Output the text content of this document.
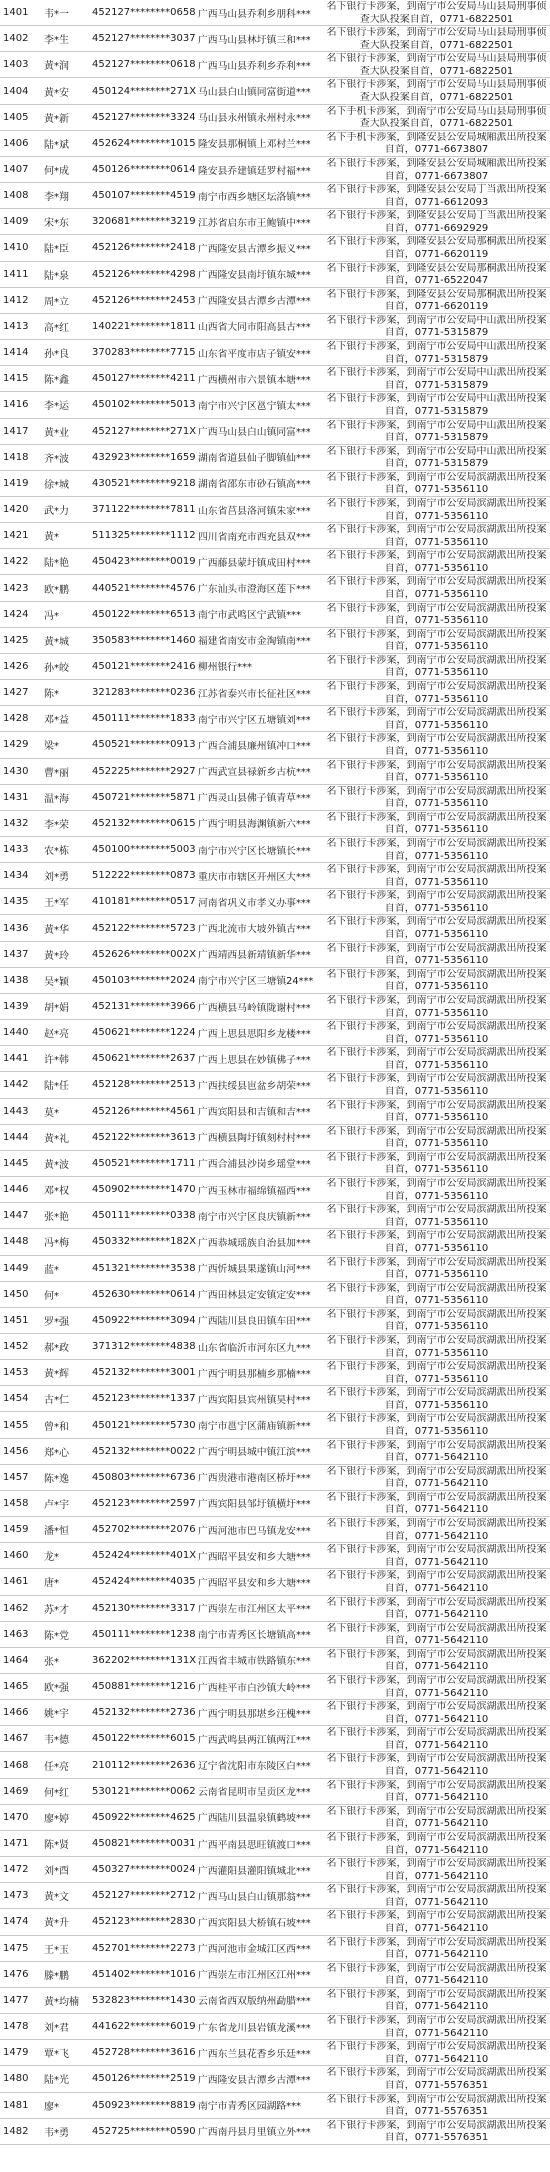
1401	韦*一	452127********0658 广西马山县乔利乡朋科***
名下银行卡涉案，到南宁市公安局马山县局刑事侦
查大队投案自首，0771-6822501
1402	李*生	452127********3037 广西马山县林圩镇三和***
名下银行卡涉案，到南宁市公安局马山县局刑事侦
查大队投案自首，0771-6822501
1403	黄*润	452127********0618 广西马山县乔利乡乔利***
名下银行卡涉案，到南宁市公安局马山县局刑事侦
查大队投案自首，0771-6822501
1404	黄*安	450124********271X 马山县白山镇同富街道***
名下银行卡涉案，到南宁市公安局马山县局刑事侦
查大队投案自首，0771-6822501
1405	黄*新	452127********3324 马山县永州镇永州村永***
名下手机卡涉案，到南宁市公安局马山县局刑事侦
查大队投案自首，0771-6822501
1406	陆*斌	452624********1015 隆安县那桐镇上邓村兰***
名下手机卡涉案，到隆安县公安局城厢派出所投案
自首，0771-6673807
1407	何*成	450126********0614 隆安县乔建镇廷罗村福***
名下银行卡涉案，到隆安县公安局城厢派出所投案
自首，0771-6673807
1408	李*翔	450107********4519 南宁市西乡塘区坛洛镇***
名下银行卡涉案，到隆安县公安局丁当派出所投案
自首，0771-6612093
1409	宋*东	320681********3219 江苏省启东市王鲍镇中***
名下银行卡涉案，到隆安县公安局丁当派出所投案
自首，0771-6692929
1410	陆*臣	452126********2418 广西隆安县古潭乡振义***
名下银行卡涉案，到隆安县公安局那桐派出所投案
自首，0771-6620119
1411	陆*泉	452126********4298 广西隆安县南圩镇东城***
名下银行卡涉案，到隆安县公安局那桐派出所投案
自首，0771-6522047
1412	周*立	452126********2453 广西隆安县古潭乡古潭***
名下银行卡涉案，到隆安县公安局那桐派出所投案
自首，0771-6620119
1413	高*红	140221********1811 山西省大同市阳高县古***
名下银行卡涉案，到南宁市公安局中山派出所投案
自首，0771-5315879
1414	孙*良	370283********7715 山东省平度市店子镇安***
名下银行卡涉案，到南宁市公安局中山派出所投案
自首，0771-5315879
1415	陈*鑫	450127********4211 广西横州市六景镇本塘***
名下银行卡涉案，到南宁市公安局中山派出所投案
自首，0771-5315879
1416	李*运	450102********5013 南宁市兴宁区邕宁镇太***
名下银行卡涉案，到南宁市公安局中山派出所投案
自首，0771-5315879
1417	黄*业	452127********271X 广西马山县白山镇同富***
名下银行卡涉案，到南宁市公安局中山派出所投案
自首，0771-5315879
1418	齐*波	432923********1659 湖南省道县仙子脚镇仙***
名下银行卡涉案，到南宁市公安局中山派出所投案
自首，0771-5315879
1419	徐*城	430521********9218 湖南省邵东市砂石镇高***
名下银行卡涉案，到南宁市公安局滨湖派出所投案
自首，0771-5356110
1420	武*力	371122********7811 山东省莒县洛河镇朱家***
名下银行卡涉案，到南宁市公安局滨湖派出所投案
自首，0771-5356110
1421	黄*	511325********1112 四川省南充市西充县双***
名下银行卡涉案，到南宁市公安局滨湖派出所投案
自首，0771-5356110
1422	陆*艳	450423********0019 广西藤县蒙圩镇成田村***
名下银行卡涉案，到南宁市公安局滨湖派出所投案
自首，0771-5356110
1423	欧*鹏	440521********4576 广东汕头市澄海区莲下***
名下银行卡涉案，到南宁市公安局滨湖派出所投案
自首，0771-5356110
1424	冯*	450122********6513 南宁市武鸣区宁武镇***
名下银行卡涉案，到南宁市公安局滨湖派出所投案
自首，0771-5356110
1425	黄*城	350583********1460 福建省南安市金淘镇南***
名下银行卡涉案，到南宁市公安局滨湖派出所投案
自首，0771-5356110
1426	孙*皎	450121********2416 柳州银行***
名下银行卡涉案，到南宁市公安局滨湖派出所投案
自首，0771-5356110
1427	陈*	321283********0236 江苏省泰兴市长征社区***
名下银行卡涉案，到南宁市公安局滨湖派出所投案
自首，0771-5356110
1428	邓*益	450111********1833 南宁市兴宁区五塘镇刘***
名下银行卡涉案，到南宁市公安局滨湖派出所投案
自首，0771-5356110
1429	梁*	450521********0913 广西合浦县廉州镇冲口***
名下银行卡涉案，到南宁市公安局滨湖派出所投案
自首，0771-5356110
1430	曹*丽	452225********2927 广西武宣县禄新乡古杭***
名下银行卡涉案，到南宁市公安局滨湖派出所投案
自首，0771-5356110
1431	温*海	450721********5871 广西灵山县佛子镇青草***
名下银行卡涉案，到南宁市公安局滨湖派出所投案
自首，0771-5356110
1432	李*荣	452132********0615 广西宁明县海渊镇新六***
名下银行卡涉案，到南宁市公安局滨湖派出所投案
自首，0771-5356110
1433	农*栋	450100********5003 南宁市兴宁区长塘镇长***
名下银行卡涉案，到南宁市公安局滨湖派出所投案
自首，0771-5356110
1434	刘*勇	512222********0873 重庆市市辖区开州区大***
名下银行卡涉案，到南宁市公安局滨湖派出所投案
自首，0771-5356110
1435	王*军	410181********0517 河南省巩义市孝义办事***
名下银行卡涉案，到南宁市公安局滨湖派出所投案
自首，0771-5356110
1436	黄*华	452122********5723 广西北流市大坡外镇古***
名下银行卡涉案，到南宁市公安局滨湖派出所投案
自首，0771-5356110
1437	黄*玲	452626********002X 广西靖西县新靖镇新华***
名下银行卡涉案，到南宁市公安局滨湖派出所投案
自首，0771-5356110
1438	吴*颖	450103********2024 南宁市兴宁区三塘镇24***
名下银行卡涉案，到南宁市公安局滨湖派出所投案
自首，0771-5356110
1439	胡*娟	452131********3966 广西横县马岭镇陇谢村***
名下银行卡涉案，到南宁市公安局滨湖派出所投案
自首，0771-5356110
1440	赵*亮	450621********1224 广西上思县思阳乡龙楼***
名下银行卡涉案，到南宁市公安局滨湖派出所投案
自首，0771-5356110
1441	许*韩	450621********2637 广西上思县在妙镇佛子***
名下银行卡涉案，到南宁市公安局滨湖派出所投案
自首，0771-5356110
1442	陆*任	452128********2513 广西扶绥县岜盆乡胡荣***
名下银行卡涉案，到南宁市公安局滨湖派出所投案
自首，0771-5356110
1443	莫*	452126********4561 广西宾阳县和吉镇和吉***
名下银行卡涉案，到南宁市公安局滨湖派出所投案
自首，0771-5356110
1444	黄*礼	452122********3613 广西横县陶圩镇刻村村***
名下银行卡涉案，到南宁市公安局滨湖派出所投案
自首，0771-5356110
1445	黄*波	450521********1711 广西合浦县沙岗乡瑶堂***
名下银行卡涉案，到南宁市公安局滨湖派出所投案
自首，0771-5356110
1446	邓*权	450902********1470 广西玉林市福绵镇福西***
名下银行卡涉案，到南宁市公安局滨湖派出所投案
自首，0771-5356110
1447	张*艳	450111********0338 南宁市兴宁区良庆镇新***
名下银行卡涉案，到南宁市公安局滨湖派出所投案
自首，0771-5356110
1448	冯*梅	450332********182X 广西恭城瑶族自治县加***
名下银行卡涉案，到南宁市公安局滨湖派出所投案
自首，0771-5356110
1449	蓝*	451321********3538 广西忻城县果遂镇山河***
名下银行卡涉案，到南宁市公安局滨湖派出所投案
自首，0771-5356110
1450	何*	452630********0614 广西田林县定安镇定安***
名下银行卡涉案，到南宁市公安局滨湖派出所投案
自首，0771-5356110
1451	罗*强	450922********3094 广西陆川县良田镇车田***
名下银行卡涉案，到南宁市公安局滨湖派出所投案
自首，0771-5356110
1452	郝*政	371312********4838 山东省临沂市河东区九***
名下银行卡涉案，到南宁市公安局滨湖派出所投案
自首，0771-5356110
1453	黄*辉	452132********3001 广西宁明县那楠乡那楠***
名下银行卡涉案，到南宁市公安局滨湖派出所投案
自首，0771-5356110
1454	古*仁	452123********1337 广西宾阳县宾州镇昊村***
名下银行卡涉案，到南宁市公安局滨湖派出所投案
自首，0771-5356110
1455	曾*和	450121********5730 南宁市邕宁区蒲庙镇新***
名下银行卡涉案，到南宁市公安局滨湖派出所投案
自首，0771-5356110
1456	郑*心	452132********0022 广西宁明县城中镇江滨***
名下银行卡涉案，到南宁市公安局滨湖派出所投案
自首，0771-5642110
1457	陈*逸	450803********6736 广西贵港市港南区桥圩***
名下银行卡涉案，到南宁市公安局滨湖派出所投案
自首，0771-5642110
1458	卢*宇	452123********2597 广西宾阳县邹圩镇横圩***
名下银行卡涉案，到南宁市公安局滨湖派出所投案
自首，0771-5642110
1459	潘*恒	452702********2076 广西河池市巴马镇龙安***
名下银行卡涉案，到南宁市公安局滨湖派出所投案
自首，0771-5642110
1460	龙*	452424********401X 广西昭平县安和乡大塘***
名下银行卡涉案，到南宁市公安局滨湖派出所投案
自首，0771-5642110
1461	唐*	452424********4035 广西昭平县安和乡大塘***
名下银行卡涉案，到南宁市公安局滨湖派出所投案
自首，0771-5642110
1462	苏*才	452130********3317 广西崇左市江州区太平***
名下银行卡涉案，到南宁市公安局滨湖派出所投案
自首，0771-5642110
1463	陈*党	450111********1238 南宁市青秀区长塘镇高***
名下银行卡涉案，到南宁市公安局滨湖派出所投案
自首，0771-5642110
1464	张*	362202********131X 江西省丰城市铁路镇东***
名下银行卡涉案，到南宁市公安局滨湖派出所投案
自首，0771-5642110
1465	欧*强	450881********1216 广西桂平市白沙镇大岭***
名下银行卡涉案，到南宁市公安局滨湖派出所投案
自首，0771-5642110
1466	姚*宇	452132********2736 广西宁明县那堪乡汪槐***
名下银行卡涉案，到南宁市公安局滨湖派出所投案
自首，0771-5642110
1467	韦*德	450122********6015 广西武鸣县两江镇两江***
名下银行卡涉案，到南宁市公安局滨湖派出所投案
自首，0771-5642110
1468	任*亮	210112********2636 辽宁省沈阳市东陵区白***
名下银行卡涉案，到南宁市公安局滨湖派出所投案
自首，0771-5642110
1469	何*红	530121********0062 云南省昆明市呈贡区龙***
名下银行卡涉案，到南宁市公安局滨湖派出所投案
自首，0771-5642110
1470	廖*婷	450922********4625 广西陆川县温泉镇鹤坡***
名下银行卡涉案，到南宁市公安局滨湖派出所投案
自首，0771-5642110
1471	陈*贤	450821********0031 广西平南县思旺镇渡口***
名下银行卡涉案，到南宁市公安局滨湖派出所投案
自首，0771-5642110
1472	刘*酉	450327********0024 广西灌阳县灌阳镇城北***
名下银行卡涉案，到南宁市公安局滨湖派出所投案
自首，0771-5642110
1473	黄*文	452127********2712 广西马山县白山镇那翁***
名下银行卡涉案，到南宁市公安局滨湖派出所投案
自首，0771-5642110
1474	黄*升	452123********2830 广西宾阳县大桥镇石坡***
名下银行卡涉案，到南宁市公安局滨湖派出所投案
自首，0771-5642110
1475	王*玉	452701********2273 广西河池市金城江区西***
名下银行卡涉案，到南宁市公安局滨湖派出所投案
自首，0771-5642110
1476	滕*鹏	451402********1016 广西崇左市江州区江州***
名下银行卡涉案，到南宁市公安局滨湖派出所投案
自首，0771-5642110
1477	黄*均楠	532823********1430 云南省西双版纳州勐腊***
名下银行卡涉案，到南宁市公安局滨湖派出所投案
自首，0771-5642110
1478	刘*君	441622********6019 广东省龙川县岩镇龙溪***
名下银行卡涉案，到南宁市公安局滨湖派出所投案
自首，0771-5642110
1479	覃*飞	452728********3616 广西东兰县花香乡乐廷***
名下银行卡涉案，到南宁市公安局滨湖派出所投案
自首，0771-5642110
1480	陆*光	450126********2519 广西隆安县古潭乡古潭***
名下银行卡涉案，到南宁市公安局滨湖派出所投案
自首，0771-5576351
1481	廖*	450923********8819 南宁市青秀区园湖路***
名下银行卡涉案，到南宁市公安局滨湖派出所投案
自首，0771-5576351
1482	韦*勇	452725********0590 广西南丹县月里镇立外***
名下银行卡涉案，到南宁市公安局滨湖派出所投案
自首，0771-5576351
